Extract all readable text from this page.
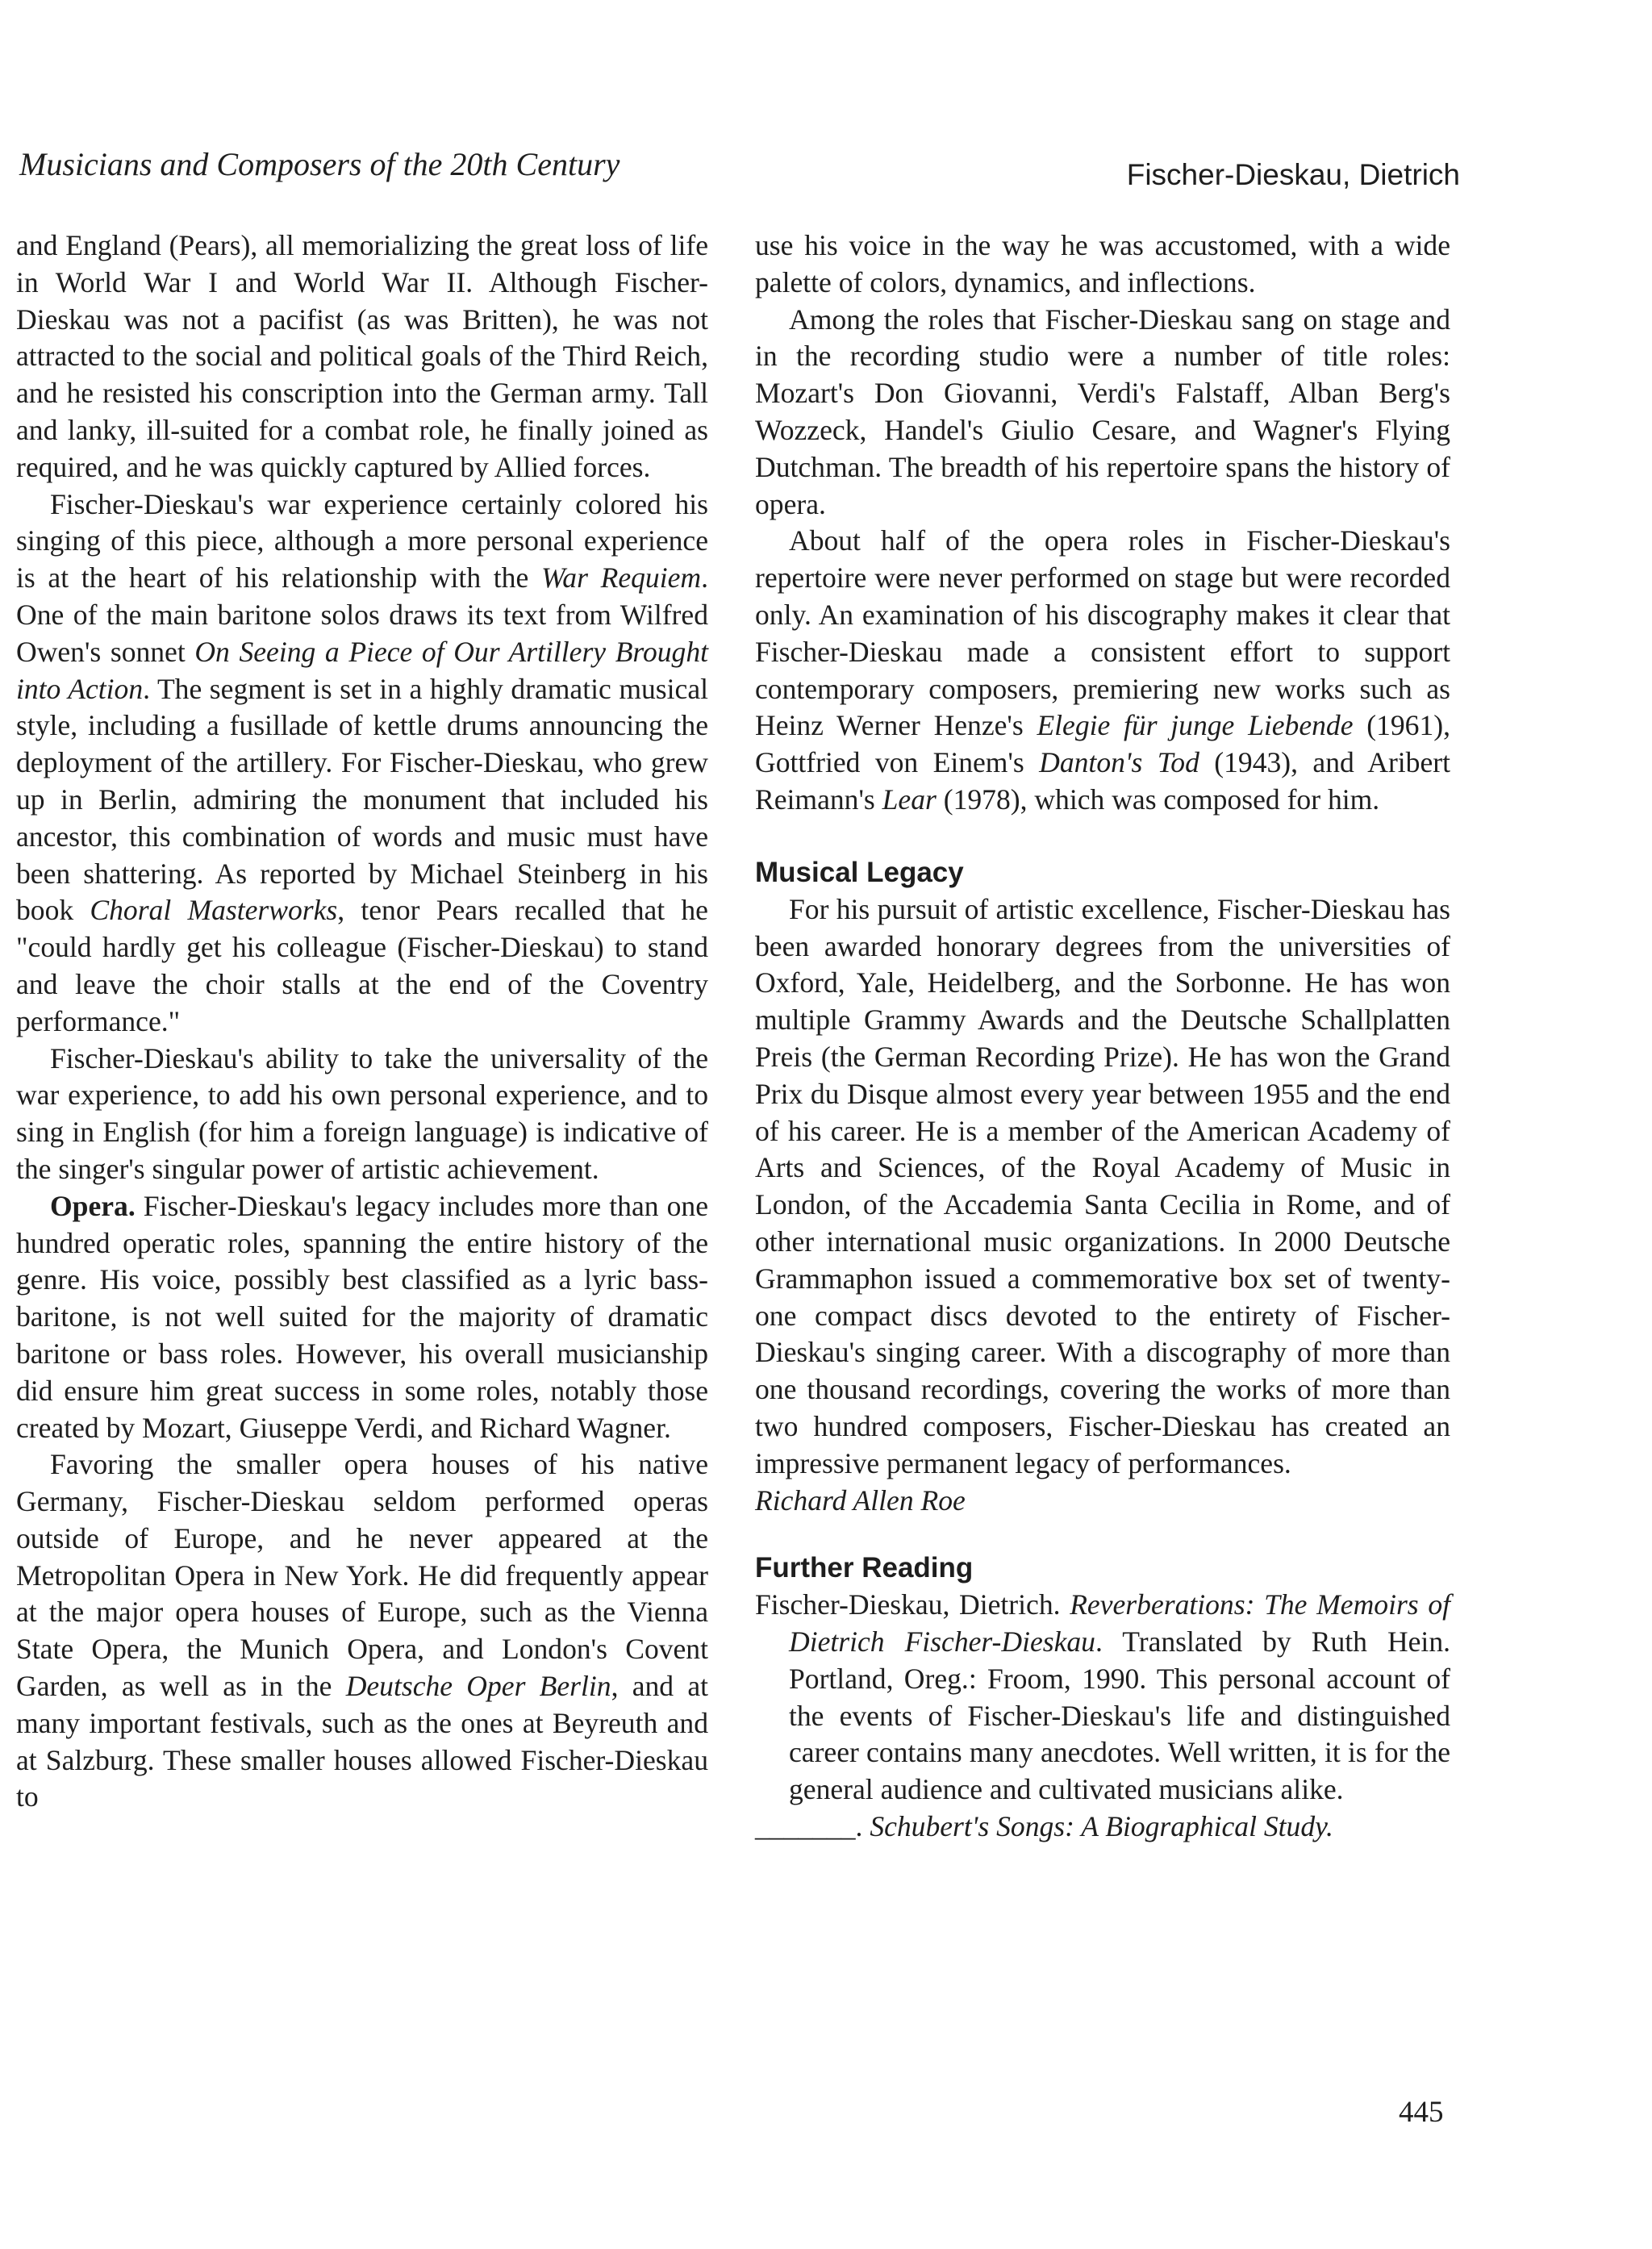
Musicians and Composers of the 20th Century	Fischer-Dieskau, Dietrich

and England (Pears), all memorializing the great loss of life in World War I and World War II. Although Fischer-Dieskau was not a pacifist (as was Britten), he was not attracted to the social and political goals of the Third Reich, and he resisted his conscription into the German army. Tall and lanky, ill-suited for a combat role, he finally joined as required, and he was quickly captured by Allied forces.

Fischer-Dieskau's war experience certainly colored his singing of this piece, although a more personal experience is at the heart of his relationship with the War Requiem. One of the main baritone solos draws its text from Wilfred Owen's sonnet On Seeing a Piece of Our Artillery Brought into Action. The segment is set in a highly dramatic musical style, including a fusillade of kettle drums announcing the deployment of the artillery. For Fischer-Dieskau, who grew up in Berlin, admiring the monument that included his ancestor, this combination of words and music must have been shattering. As reported by Michael Steinberg in his book Choral Masterworks, tenor Pears recalled that he "could hardly get his colleague (Fischer-Dieskau) to stand and leave the choir stalls at the end of the Coventry performance."

Fischer-Dieskau's ability to take the universality of the war experience, to add his own personal experience, and to sing in English (for him a foreign language) is indicative of the singer's singular power of artistic achievement.

Opera. Fischer-Dieskau's legacy includes more than one hundred operatic roles, spanning the entire history of the genre. His voice, possibly best classified as a lyric bass-baritone, is not well suited for the majority of dramatic baritone or bass roles. However, his overall musicianship did ensure him great success in some roles, notably those created by Mozart, Giuseppe Verdi, and Richard Wagner.

Favoring the smaller opera houses of his native Germany, Fischer-Dieskau seldom performed operas outside of Europe, and he never appeared at the Metropolitan Opera in New York. He did frequently appear at the major opera houses of Europe, such as the Vienna State Opera, the Munich Opera, and London's Covent Garden, as well as in the Deutsche Oper Berlin, and at many important festivals, such as the ones at Beyreuth and at Salzburg. These smaller houses allowed Fischer-Dieskau to

use his voice in the way he was accustomed, with a wide palette of colors, dynamics, and inflections.

Among the roles that Fischer-Dieskau sang on stage and in the recording studio were a number of title roles: Mozart's Don Giovanni, Verdi's Falstaff, Alban Berg's Wozzeck, Handel's Giulio Cesare, and Wagner's Flying Dutchman. The breadth of his repertoire spans the history of opera.

About half of the opera roles in Fischer-Dieskau's repertoire were never performed on stage but were recorded only. An examination of his discography makes it clear that Fischer-Dieskau made a consistent effort to support contemporary composers, premiering new works such as Heinz Werner Henze's Elegie für junge Liebende (1961), Gottfried von Einem's Danton's Tod (1943), and Aribert Reimann's Lear (1978), which was composed for him.

Musical Legacy

For his pursuit of artistic excellence, Fischer-Dieskau has been awarded honorary degrees from the universities of Oxford, Yale, Heidelberg, and the Sorbonne. He has won multiple Grammy Awards and the Deutsche Schallplatten Preis (the German Recording Prize). He has won the Grand Prix du Disque almost every year between 1955 and the end of his career. He is a member of the American Academy of Arts and Sciences, of the Royal Academy of Music in London, of the Accademia Santa Cecilia in Rome, and of other international music organizations. In 2000 Deutsche Grammaphon issued a commemorative box set of twenty-one compact discs devoted to the entirety of Fischer-Dieskau's singing career. With a discography of more than one thousand recordings, covering the works of more than two hundred composers, Fischer-Dieskau has created an impressive permanent legacy of performances.

Richard Allen Roe

Further Reading

Fischer-Dieskau, Dietrich. Reverberations: The Memoirs of Dietrich Fischer-Dieskau. Translated by Ruth Hein. Portland, Oreg.: Froom, 1990. This personal account of the events of Fischer-Dieskau's life and distinguished career contains many anecdotes. Well written, it is for the general audience and cultivated musicians alike.

_______. Schubert's Songs: A Biographical Study.

445
